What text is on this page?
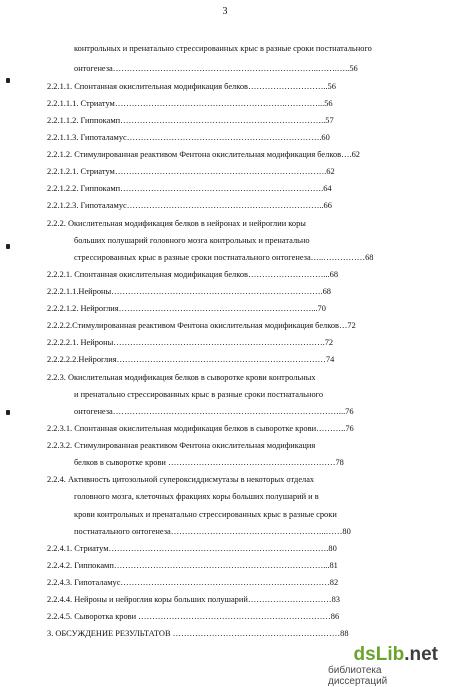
3
контрольных и пренатально стрессированных крыс в разные сроки постнатального
онтогенеза………………………………………………………………..…….…..56
2.2.1.1. Спонтанная окислительная модификация белков………………………..56
2.2.1.1.1. Стриатум…………………………………………………….…………...56
2.2.1.1.2. Гиппокамп………………………………………………………………..57
2.2.1.1.3. Гипоталамус…………………………………………………………….60
2.2.1.2. Стимулированная реактивом Фентона окислительная модификация белков….62
2.2.1.2.1. Стриатум………………………………………………………………….62
2.2.1.2.2. Гиппокамп……………………………………………………………….64
2.2.1.2.3. Гипоталамус……………………………………………………………..66
2.2.2. Окислительная модификация белков в нейронах и нейроглии коры
больших полушарий головного мозга контрольных и пренатально
стрессированных крыс в разные сроки постнатального онтогенеза…..……………68
2.2.2.1. Спонтанная окислительная модификация белков………………………...68
2.2.2.1.1.Нейроны………………………………………………………………….68
2.2.2.1.2. Нейроглия……………………………………………………………...70
2.2.2.2.Стимулированная реактивом Фентона окислительная модификация белков…72
2.2.2.2.1. Нейроны………………………………………………………………….72
2.2.2.2.2.Нейроглия…………………………………………………………………74
2.2.3. Окислительная модификация белков в сыворотке крови контрольных
и пренатально стрессированных крыс в разные сроки постнатального
онтогенеза………………………………………………………………………...76
2.2.3.1. Спонтанная окислительная модификация белков в сыворотке крови………..76
2.2.3.2. Стимулированная реактивом Фентона окислительная модификация
белков в сыворотке крови ……………………………………………………78
2.2.4. Активность цитозольной супероксиддисмутазы в некоторых отделах
головного мозга, клеточных фракциях коры больших полушарий и в
крови контрольных и пренатально стрессированных крыс в разные сроки
постнатального онтогенеза………………………………………………..……80
2.2.4.1. Стриатум…………………………………………………………………….80
2.2.4.2. Гиппокамп…………………………………………………………………...81
2.2.4.3. Гипоталамус…………………………………………………………………82
2.2.4.4. Нейроны и нейроглия коры больших полушарий…………………………83
2.2.4.5. Сыворотка крови ……………………………………………………………86
3. ОБСУЖДЕНИЕ РЕЗУЛЬТАТОВ ……………………………………………………88
dsLib.net
библиотека диссертаций
